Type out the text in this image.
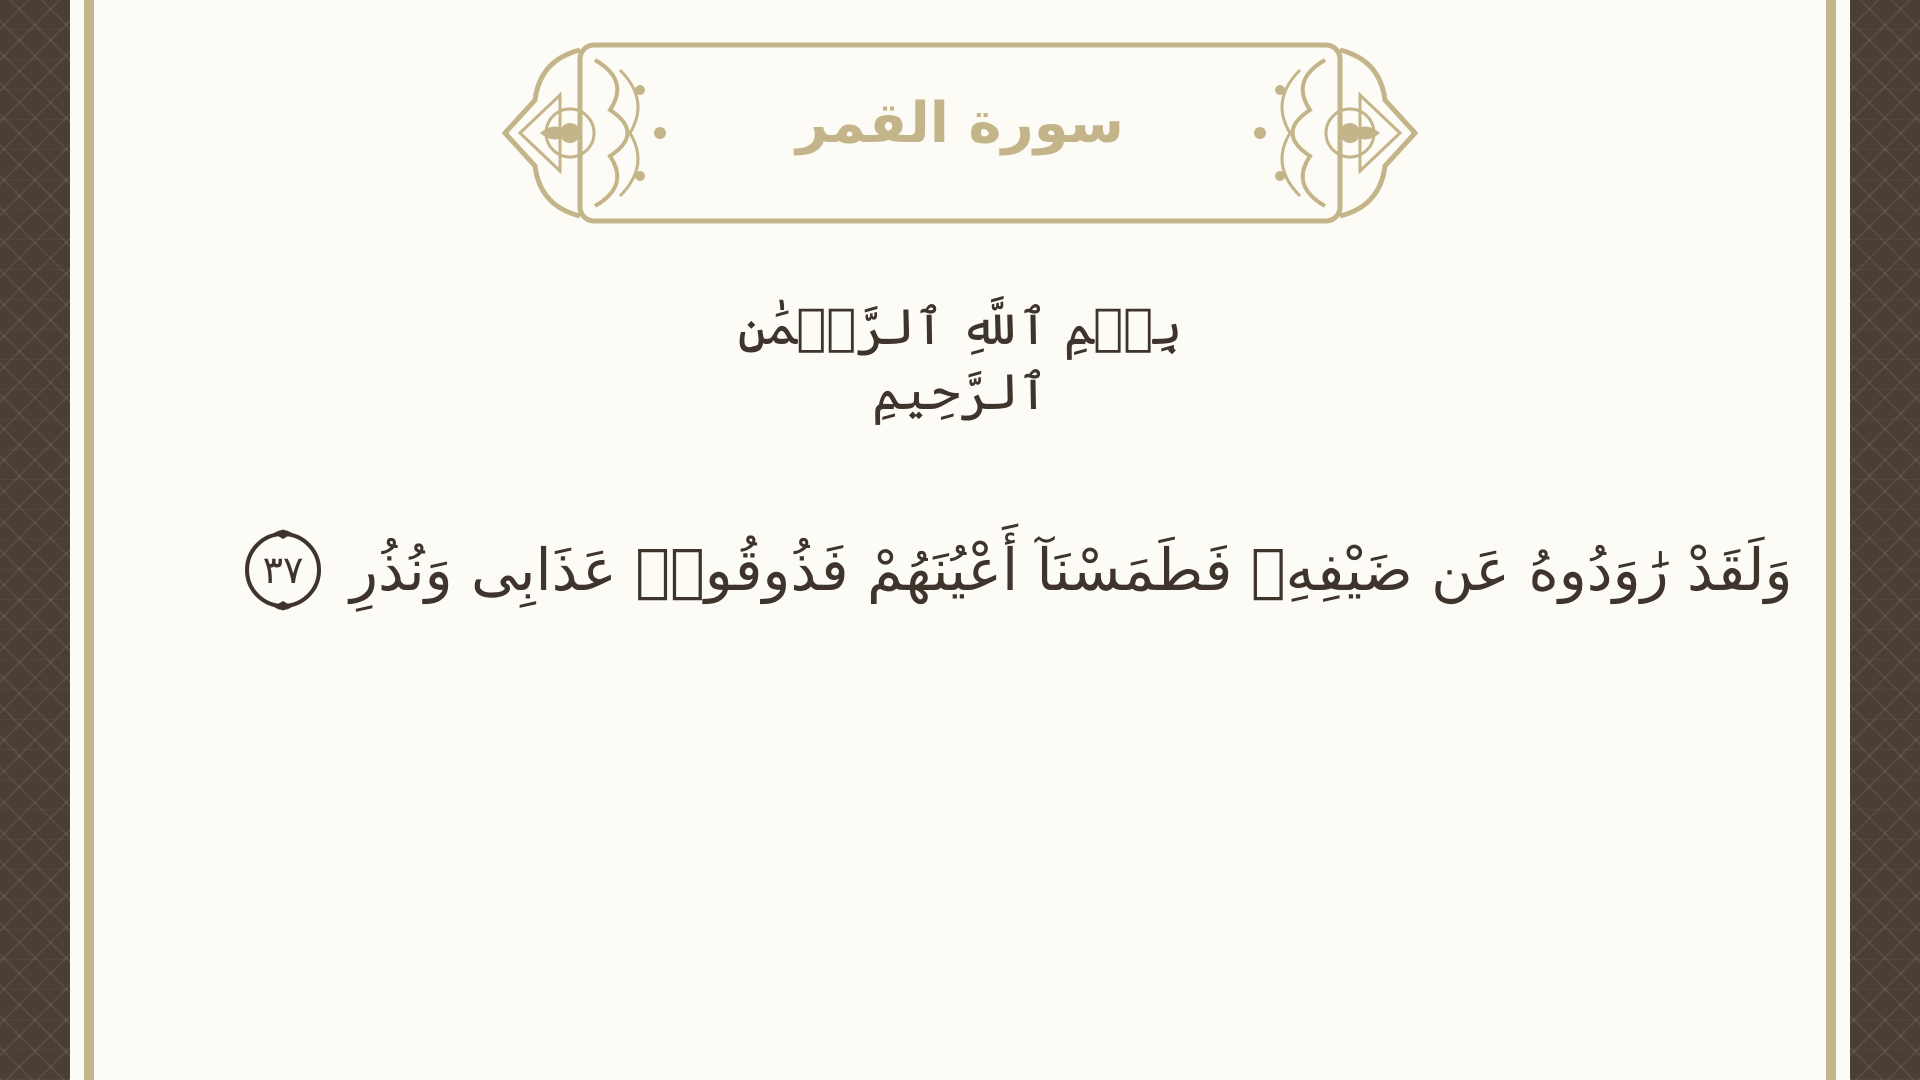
سورة القمر
بِسۡمِ ٱللَّهِ ٱلرَّحۡمَٰنِ ٱلرَّحِيمِ
وَلَقَدْ رَٰوَدُوهُ عَن ضَيْفِهِۦ فَطَمَسْنَآ أَعْيُنَهُمْ فَذُوقُوا۟ عَذَابِى وَنُذُرِ
٣٧
